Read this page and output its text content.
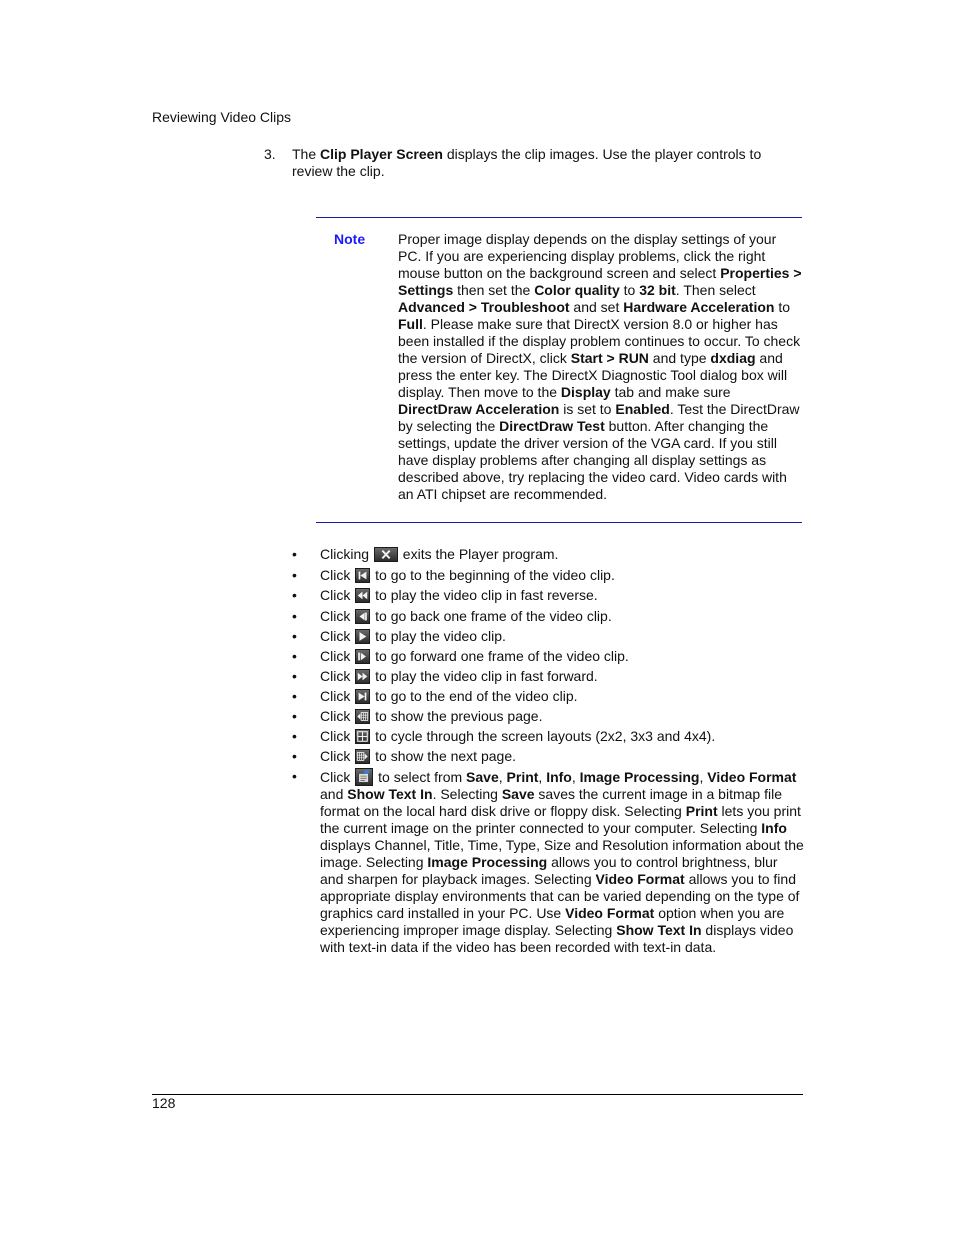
Reviewing Video Clips
3. The Clip Player Screen displays the clip images. Use the player controls to review the clip.
Note Proper image display depends on the display settings of your PC. If you are experiencing display problems, click the right mouse button on the background screen and select Properties > Settings then set the Color quality to 32 bit. Then select Advanced > Troubleshoot and set Hardware Acceleration to Full. Please make sure that DirectX version 8.0 or higher has been installed if the display problem continues to occur. To check the version of DirectX, click Start > RUN and type dxdiag and press the enter key. The DirectX Diagnostic Tool dialog box will display. Then move to the Display tab and make sure DirectDraw Acceleration is set to Enabled. Test the DirectDraw by selecting the DirectDraw Test button. After changing the settings, update the driver version of the VGA card. If you still have display problems after changing all display settings as described above, try replacing the video card. Video cards with an ATI chipset are recommended.
• Clicking
exits the Player program.
• Click
to go to the beginning of the video clip.
• Click
to play the video clip in fast reverse.
• Click
to go back one frame of the video clip.
• Click
to play the video clip.
• Click
to go forward one frame of the video clip.
• Click
to play the video clip in fast forward.
• Click
to go to the end of the video clip.
• Click
to show the previous page.
• Click
to cycle through the screen layouts (2x2, 3x3 and 4x4).
• Click
to show the next page.
• Click
to select from Save, Print, Info, Image Processing, Video Format and Show Text In. Selecting Save saves the current image in a bitmap file format on the local hard disk drive or floppy disk. Selecting Print lets you print the current image on the printer connected to your computer. Selecting Info displays Channel, Title, Time, Type, Size and Resolution information about the image. Selecting Image Processing allows you to control brightness, blur and sharpen for playback images. Selecting Video Format allows you to find appropriate display environments that can be varied depending on the type of graphics card installed in your PC. Use Video Format option when you are experiencing improper image display. Selecting Show Text In displays video with text-in data if the video has been recorded with text-in data.
128
